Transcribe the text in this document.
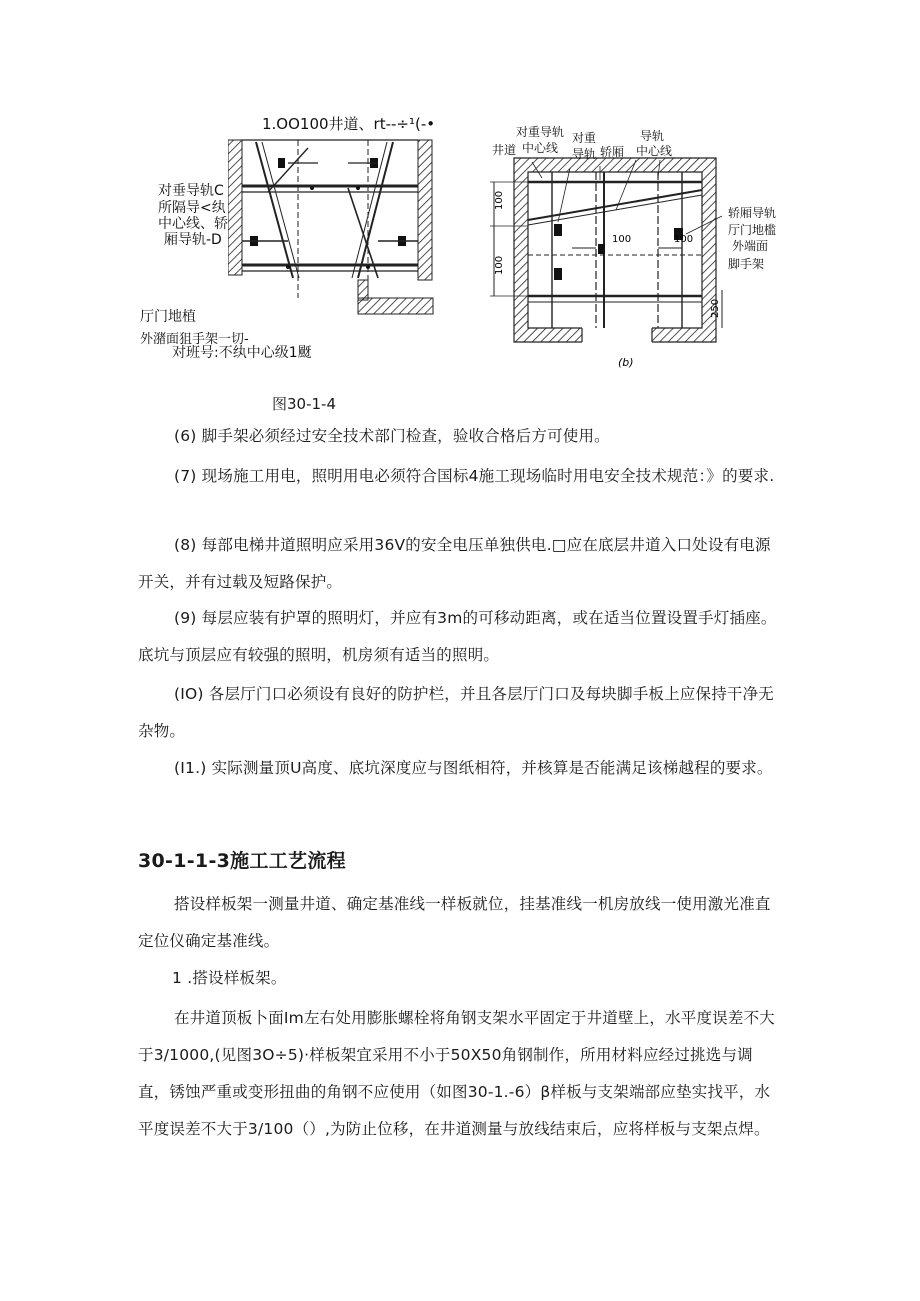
1.OO100井道、rt--÷¹(-•
对垂导轨C
所隔导<纨
中心线、轿
厢导轨-D
厅门地植
外潴面狙手架一切-
对班号:不纨中心级1颬
100	100
100
100
250
(b)
对重导轨
井道 中心线
对重
导轨 轿厢
导轨
中心线
轿厢导轨
厅门地槛
外端面
脚手架
图30-1-4
(6) 脚手架必须经过安全技术部门检查，验收合格后方可使用。
(7) 现场施工用电，照明用电必须符合国标4施工现场临时用电安全技术规范：》的要求.
(8) 每部电梯井道照明应采用36V的安全电压单独供电.□应在底层井道入口处设有电源开关，并有过载及短路保护。
(9) 每层应装有护罩的照明灯，并应有3m的可移动距离，或在适当位置设置手灯插座。底坑与顶层应有较强的照明，机房须有适当的照明。
(IO) 各层厅门口必须设有良好的防护栏，并且各层厅门口及每块脚手板上应保持干净无杂物。
(I1.) 实际测量顶U高度、底坑深度应与图纸相符，并核算是否能满足该梯越程的要求。
30-1-1-3施工工艺流程
搭设样板架一测量井道、确定基准线一样板就位，挂基准线一机房放线一使用激光准直定位仪确定基准线。
1 .搭设样板架。
在井道顶板卜面Im左右处用膨胀螺栓将角钢支架水平固定于井道壁上，水平度误差不大于3/1000,(见图3O÷5)·样板架宜采用不小于50X50角钢制作，所用材料应经过挑选与调直，锈蚀严重或变形扭曲的角钢不应使用（如图30-1.-6）β样板与支架端部应垫实找平，水平度误差不大于3/100（）,为防止位移，在井道测量与放线结束后，应将样板与支架点焊。
